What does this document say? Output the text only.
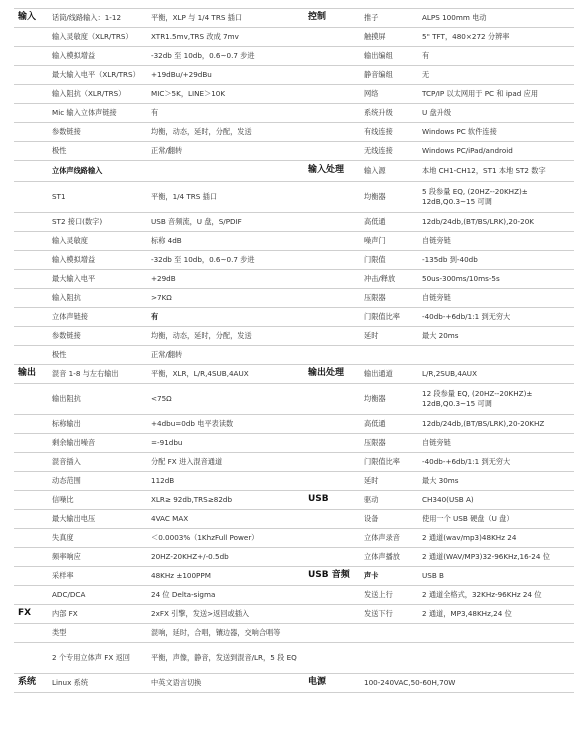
输入	话筒/线路输入：1-12	平衡，XLP 与 1/4 TRS 插口	控制	推子	ALPS 100mm 电动
	输入灵敏度（XLR/TRS）	XTR1.5mv,TRS 改成 7mv		触摸屏	5" TFT，480×272 分辨率
	输入模拟增益	-32db 至 10db，0.6~0.7 步进		输出编组	有
	最大输入电平（XLR/TRS）	+19dBu/+29dBu		静音编组	无
	输入阻抗（XLR/TRS）	MIC＞5K，LINE＞10K		网络	TCP/IP 以太网用于 PC 和 ipad 应用
	Mic 输入立体声链接	有		系统升级	U 盘升级
	参数链接	均衡，动态，延时，分配，发送		有线连接	Windows PC 软件连接
	极性	正常/翻转		无线连接	Windows PC/iPad/android
	立体声线路输入		输入处理	输入源	本地 CH1-CH12，ST1 本地 ST2 数字
	ST1	平衡，1/4 TRS 插口		均衡器	5 段参量 EQ, (20HZ--20KHZ)± 12dB,Q0.3~15 可调
	ST2 接口(数字)	USB 音频流，U 盘，S/PDIF		高低通	12db/24db,(BT/BS/LRK),20-20K
	输入灵敏度	标称 4dB		噪声门	自链旁链
	输入模拟增益	-32db 至 10db，0.6~0.7 步进		门限值	-135db 到-40db
	最大输入电平	+29dB		冲击/释放	50us-300ms/10ms-5s
	输入阻抗	>7KΩ		压限器	自链旁链
	立体声链接	有		门限值比率	-40db-+6db/1:1 到无穷大
	参数链接	均衡，动态，延时，分配，发送		延时	最大 20ms
	极性	正常/翻转			
输出	混音 1-8 与左右输出	平衡，XLR，L/R,4SUB,4AUX	输出处理	输出通道	L/R,2SUB,4AUX
	输出阻抗	<75Ω		均衡器	12 段参量 EQ, (20HZ--20KHZ)± 12dB,Q0.3~15 可调
	标称输出	+4dbu=0db 电平表读数		高低通	12db/24db,(BT/BS/LRK),20-20KHZ
	剩余输出噪音	=-91dbu		压限器	自链旁链
	混音插入	分配 FX 进入混音通道		门限值比率	-40db-+6db/1:1 到无穷大
	动态范围	112dB		延时	最大 30ms
	信噪比	XLR≥ 92db,TRS≥82db	USB	驱动	CH340(USB A)
	最大输出电压	4VAC MAX		设备	使用一个 USB 硬盘（U 盘）
	失真度	＜0.0003%（1KhzFull Power）		立体声录音	2 通道(wav/mp3)48KHz 24
	频率响应	20HZ-20KHZ+/-0.5db		立体声播放	2 通道(WAV/MP3)32-96KHz,16-24 位
	采样率	48KHz ±100PPM	USB 音频	声卡	USB B
	ADC/DCA	24 位 Delta-sigma		发送上行	2 通道全格式，32KHz-96KHz 24 位
FX	内部 FX	2xFX 引擎，发送>返回或插入		发送下行	2 通道，MP3,48KHz,24 位
	类型	混响，延时，合唱，镶边器，交响合唱等			
	2 个专用立体声 FX 返回	平衡，声像，静音，发送到混音/LR，5 段 EQ			
系统	Linux 系统	中英文语言切换	电源	100-240VAC,50-60H,70W	
